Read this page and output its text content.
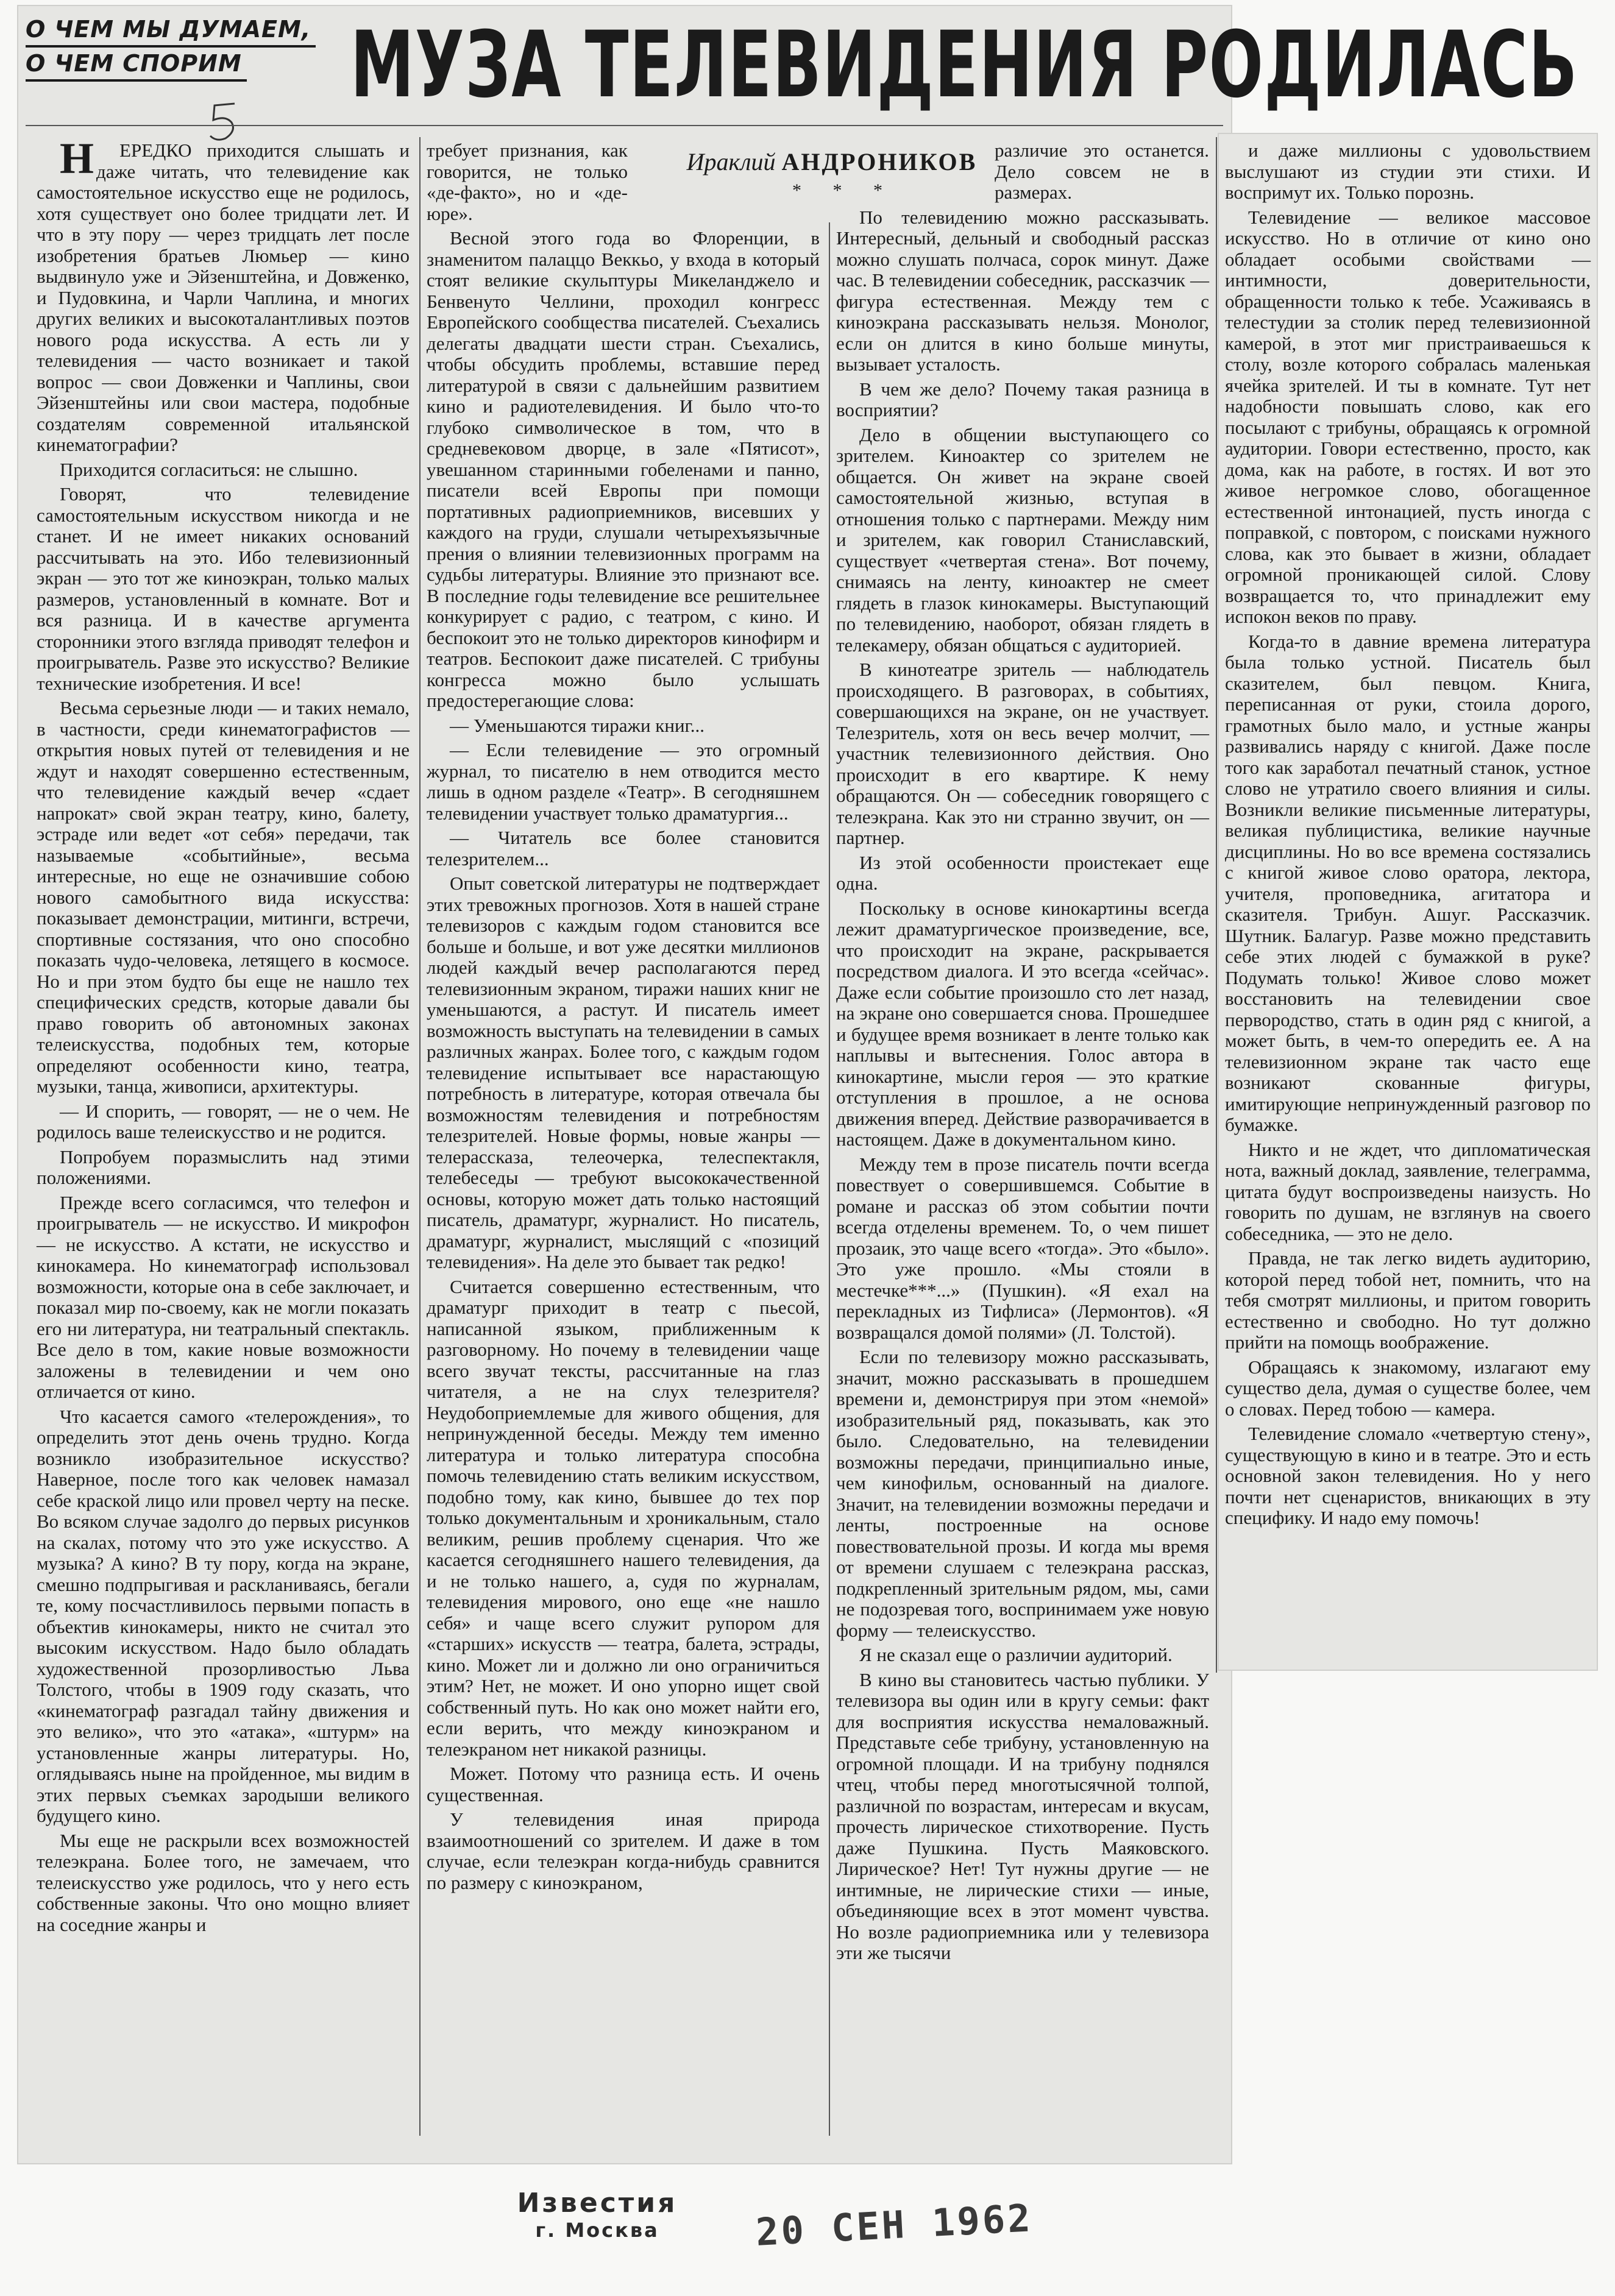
О ЧЕМ МЫ ДУМАЕМ,
О ЧЕМ СПОРИМ	МУЗА ТЕЛЕВИДЕНИЯ РОДИЛАСЬ
Ираклий АНДРОНИКОВ
* * *

НЕРЕДКО приходится слышать и даже читать, что телевидение как самостоятельное искусство еще не родилось, хотя существует оно более тридцати лет. И что в эту пору — через тридцать лет после изобретения братьев Люмьер — кино выдвинуло уже и Эйзенштейна, и Довженко, и Пудовкина, и Чарли Чаплина, и многих других великих и высокоталантливых поэтов нового рода искусства. А есть ли у телевидения — часто возникает и такой вопрос — свои Довженки и Чаплины, свои Эйзенштейны или свои мастера, подобные создателям современной итальянской кинематографии?

Приходится согласиться: не слышно.

Говорят, что телевидение самостоятельным искусством никогда и не станет. И не имеет никаких оснований рассчитывать на это. Ибо телевизионный экран — это тот же киноэкран, только малых размеров, установленный в комнате. Вот и вся разница. И в качестве аргумента сторонники этого взгляда приводят телефон и проигрыватель. Разве это искусство? Великие технические изобретения. И все!

Весьма серьезные люди — и таких немало, в частности, среди кинематографистов — открытия новых путей от телевидения и не ждут и находят совершенно естественным, что телевидение каждый вечер «сдает напрокат» свой экран театру, кино, балету, эстраде или ведет «от себя» передачи, так называемые «событийные», весьма интересные, но еще не означившие собою нового самобытного вида искусства: показывает демонстрации, митинги, встречи, спортивные состязания, что оно способно показать чудо-человека, летящего в космосе. Но и при этом будто бы еще не нашло тех специфических средств, которые давали бы право говорить об автономных законах телеискусства, подобных тем, которые определяют особенности кино, театра, музыки, танца, живописи, архитектуры.

— И спорить, — говорят, — не о чем. Не родилось ваше телеискусство и не родится.

Попробуем поразмыслить над этими положениями.

Прежде всего согласимся, что телефон и проигрыватель — не искусство. И микрофон — не искусство. А кстати, не искусство и кинокамера. Но кинематограф использовал возможности, которые она в себе заключает, и показал мир по-своему, как не могли показать его ни литература, ни театральный спектакль. Все дело в том, какие новые возможности заложены в телевидении и чем оно отличается от кино.

Что касается самого «телерождения», то определить этот день очень трудно. Когда возникло изобразительное искусство? Наверное, после того как человек намазал себе краской лицо или провел черту на песке. Во всяком случае задолго до первых рисунков на скалах, потому что это уже искусство. А музыка? А кино? В ту пору, когда на экране, смешно подпрыгивая и раскланиваясь, бегали те, кому посчастливилось первыми попасть в объектив кинокамеры, никто не считал это высоким искусством. Надо было обладать художественной прозорливостью Льва Толстого, чтобы в 1909 году сказать, что «кинематограф разгадал тайну движения и это велико», что это «атака», «штурм» на установленные жанры литературы. Но, оглядываясь ныне на пройденное, мы видим в этих первых съемках зародыши великого будущего кино.

Мы еще не раскрыли всех возможностей телеэкрана. Более того, не замечаем, что телеискусство уже родилось, что у него есть собственные законы. Что оно мощно влияет на соседние жанры и

требует признания, как говорится, не только «де-факто», но и «де-юре».

Весной этого года во Флоренции, в знаменитом палаццо Веккьо, у входа в который стоят великие скульптуры Микеланджело и Бенвенуто Челлини, проходил конгресс Европейского сообщества писателей. Съехались делегаты двадцати шести стран. Съехались, чтобы обсудить проблемы, вставшие перед литературой в связи с дальнейшим развитием кино и радиотелевидения. И было что-то глубоко символическое в том, что в средневековом дворце, в зале «Пятисот», увешанном старинными гобеленами и панно, писатели всей Европы при помощи портативных радиоприемников, висевших у каждого на груди, слушали четырехъязычные прения о влиянии телевизионных программ на судьбы литературы. Влияние это признают все. В последние годы телевидение все решительнее конкурирует с радио, с театром, с кино. И беспокоит это не только директоров кинофирм и театров. Беспокоит даже писателей. С трибуны конгресса можно было услышать предостерегающие слова:

— Уменьшаются тиражи книг...

— Если телевидение — это огромный журнал, то писателю в нем отводится место лишь в одном разделе «Театр». В сегодняшнем телевидении участвует только драматургия...

— Читатель все более становится телезрителем...

Опыт советской литературы не подтверждает этих тревожных прогнозов. Хотя в нашей стране телевизоров с каждым годом становится все больше и больше, и вот уже десятки миллионов людей каждый вечер располагаются перед телевизионным экраном, тиражи наших книг не уменьшаются, а растут. И писатель имеет возможность выступать на телевидении в самых различных жанрах. Более того, с каждым годом телевидение испытывает все нарастающую потребность в литературе, которая отвечала бы возможностям телевидения и потребностям телезрителей. Новые формы, новые жанры — телерассказа, телеочерка, телеспектакля, телебеседы — требуют высококачественной основы, которую может дать только настоящий писатель, драматург, журналист. Но писатель, драматург, журналист, мыслящий с «позиций телевидения». На деле это бывает так редко!

Считается совершенно естественным, что драматург приходит в театр с пьесой, написанной языком, приближенным к разговорному. Но почему в телевидении чаще всего звучат тексты, рассчитанные на глаз читателя, а не на слух телезрителя? Неудобоприемлемые для живого общения, для непринужденной беседы. Между тем именно литература и только литература способна помочь телевидению стать великим искусством, подобно тому, как кино, бывшее до тех пор только документальным и хроникальным, стало великим, решив проблему сценария. Что же касается сегодняшнего нашего телевидения, да и не только нашего, а, судя по журналам, телевидения мирового, оно еще «не нашло себя» и чаще всего служит рупором для «старших» искусств — театра, балета, эстрады, кино. Может ли и должно ли оно ограничиться этим? Нет, не может. И оно упорно ищет свой собственный путь. Но как оно может найти его, если верить, что между киноэкраном и телеэкраном нет никакой разницы.

Может. Потому что разница есть. И очень существенная.

У телевидения иная природа взаимоотношений со зрителем. И даже в том случае, если телеэкран когда-нибудь сравнится по размеру с киноэкраном,

различие это останется. Дело совсем не в размерах.

По телевидению можно рассказывать. Интересный, дельный и свободный рассказ можно слушать полчаса, сорок минут. Даже час. В телевидении собеседник, рассказчик — фигура естественная. Между тем с киноэкрана рассказывать нельзя. Монолог, если он длится в кино больше минуты, вызывает усталость.

В чем же дело? Почему такая разница в восприятии?

Дело в общении выступающего со зрителем. Киноактер со зрителем не общается. Он живет на экране своей самостоятельной жизнью, вступая в отношения только с партнерами. Между ним и зрителем, как говорил Станиславский, существует «четвертая стена». Вот почему, снимаясь на ленту, киноактер не смеет глядеть в глазок кинокамеры. Выступающий по телевидению, наоборот, обязан глядеть в телекамеру, обязан общаться с аудиторией.

В кинотеатре зритель — наблюдатель происходящего. В разговорах, в событиях, совершающихся на экране, он не участвует. Телезритель, хотя он весь вечер молчит, — участник телевизионного действия. Оно происходит в его квартире. К нему обращаются. Он — собеседник говорящего с телеэкрана. Как это ни странно звучит, он — партнер.

Из этой особенности проистекает еще одна.

Поскольку в основе кинокартины всегда лежит драматургическое произведение, все, что происходит на экране, раскрывается посредством диалога. И это всегда «сейчас». Даже если событие произошло сто лет назад, на экране оно совершается снова. Прошедшее и будущее время возникает в ленте только как наплывы и вытеснения. Голос автора в кинокартине, мысли героя — это краткие отступления в прошлое, а не основа движения вперед. Действие разворачивается в настоящем. Даже в документальном кино.

Между тем в прозе писатель почти всегда повествует о совершившемся. Событие в романе и рассказ об этом событии почти всегда отделены временем. То, о чем пишет прозаик, это чаще всего «тогда». Это «было». Это уже прошло. «Мы стояли в местечке***...» (Пушкин). «Я ехал на перекладных из Тифлиса» (Лермонтов). «Я возвращался домой полями» (Л. Толстой).

Если по телевизору можно рассказывать, значит, можно рассказывать в прошедшем времени и, демонстрируя при этом «немой» изобразительный ряд, показывать, как это было. Следовательно, на телевидении возможны передачи, принципиально иные, чем кинофильм, основанный на диалоге. Значит, на телевидении возможны передачи и ленты, построенные на основе повествовательной прозы. И когда мы время от времени слушаем с телеэкрана рассказ, подкрепленный зрительным рядом, мы, сами не подозревая того, воспринимаем уже новую форму — телеискусство.

Я не сказал еще о различии аудиторий.

В кино вы становитесь частью публики. У телевизора вы один или в кругу семьи: факт для восприятия искусства немаловажный. Представьте себе трибуну, установленную на огромной площади. И на трибуну поднялся чтец, чтобы перед многотысячной толпой, различной по возрастам, интересам и вкусам, прочесть лирическое стихотворение. Пусть даже Пушкина. Пусть Маяковского. Лирическое? Нет! Тут нужны другие — не интимные, не лирические стихи — иные, объединяющие всех в этот момент чувства. Но возле радиоприемника или у телевизора эти же тысячи

и даже миллионы с удовольствием выслушают из студии эти стихи. И воспримут их. Только порознь.

Телевидение — великое массовое искусство. Но в отличие от кино оно обладает особыми свойствами — интимности, доверительности, обращенности только к тебе. Усаживаясь в телестудии за столик перед телевизионной камерой, в этот миг пристраиваешься к столу, возле которого собралась маленькая ячейка зрителей. И ты в комнате. Тут нет надобности повышать слово, как его посылают с трибуны, обращаясь к огромной аудитории. Говори естественно, просто, как дома, как на работе, в гостях. И вот это живое негромкое слово, обогащенное естественной интонацией, пусть иногда с поправкой, с повтором, с поисками нужного слова, как это бывает в жизни, обладает огромной проникающей силой. Слову возвращается то, что принадлежит ему испокон веков по праву.

Когда-то в давние времена литература была только устной. Писатель был сказителем, был певцом. Книга, переписанная от руки, стоила дорого, грамотных было мало, и устные жанры развивались наряду с книгой. Даже после того как заработал печатный станок, устное слово не утратило своего влияния и силы. Возникли великие письменные литературы, великая публицистика, великие научные дисциплины. Но во все времена состязались с книгой живое слово оратора, лектора, учителя, проповедника, агитатора и сказителя. Трибун. Ашуг. Рассказчик. Шутник. Балагур. Разве можно представить себе этих людей с бумажкой в руке? Подумать только! Живое слово может восстановить на телевидении свое первородство, стать в один ряд с книгой, а может быть, в чем-то опередить ее. А на телевизионном экране так часто еще возникают скованные фигуры, имитирующие непринужденный разговор по бумажке.

Никто и не ждет, что дипломатическая нота, важный доклад, заявление, телеграмма, цитата будут воспроизведены наизусть. Но говорить по душам, не взглянув на своего собеседника, — это не дело.

Правда, не так легко видеть аудиторию, которой перед тобой нет, помнить, что на тебя смотрят миллионы, и притом говорить естественно и свободно. Но тут должно прийти на помощь воображение.

Обращаясь к знакомому, излагают ему существо дела, думая о существе более, чем о словах. Перед тобою — камера.

Телевидение сломало «четвертую стену», существующую в кино и в театре. Это и есть основной закон телевидения. Но у него почти нет сценаристов, вникающих в эту специфику. И надо ему помочь!

Известия
г. Москва	20 СЕН 1962
